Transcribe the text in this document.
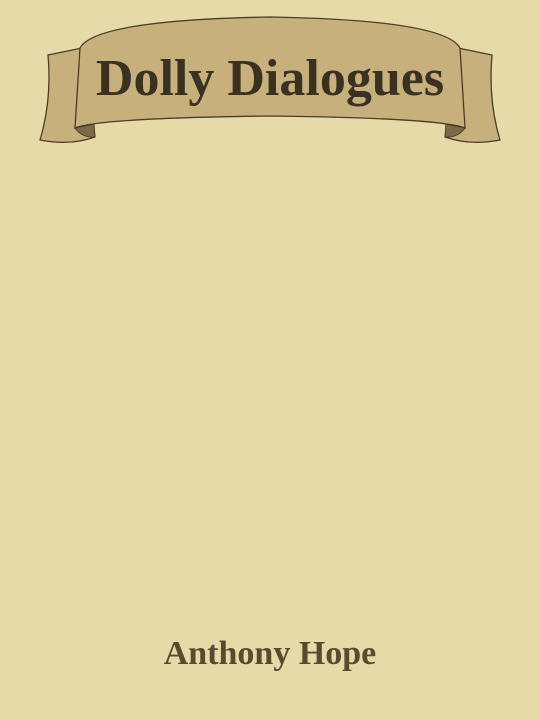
Dolly Dialogues
Anthony Hope
